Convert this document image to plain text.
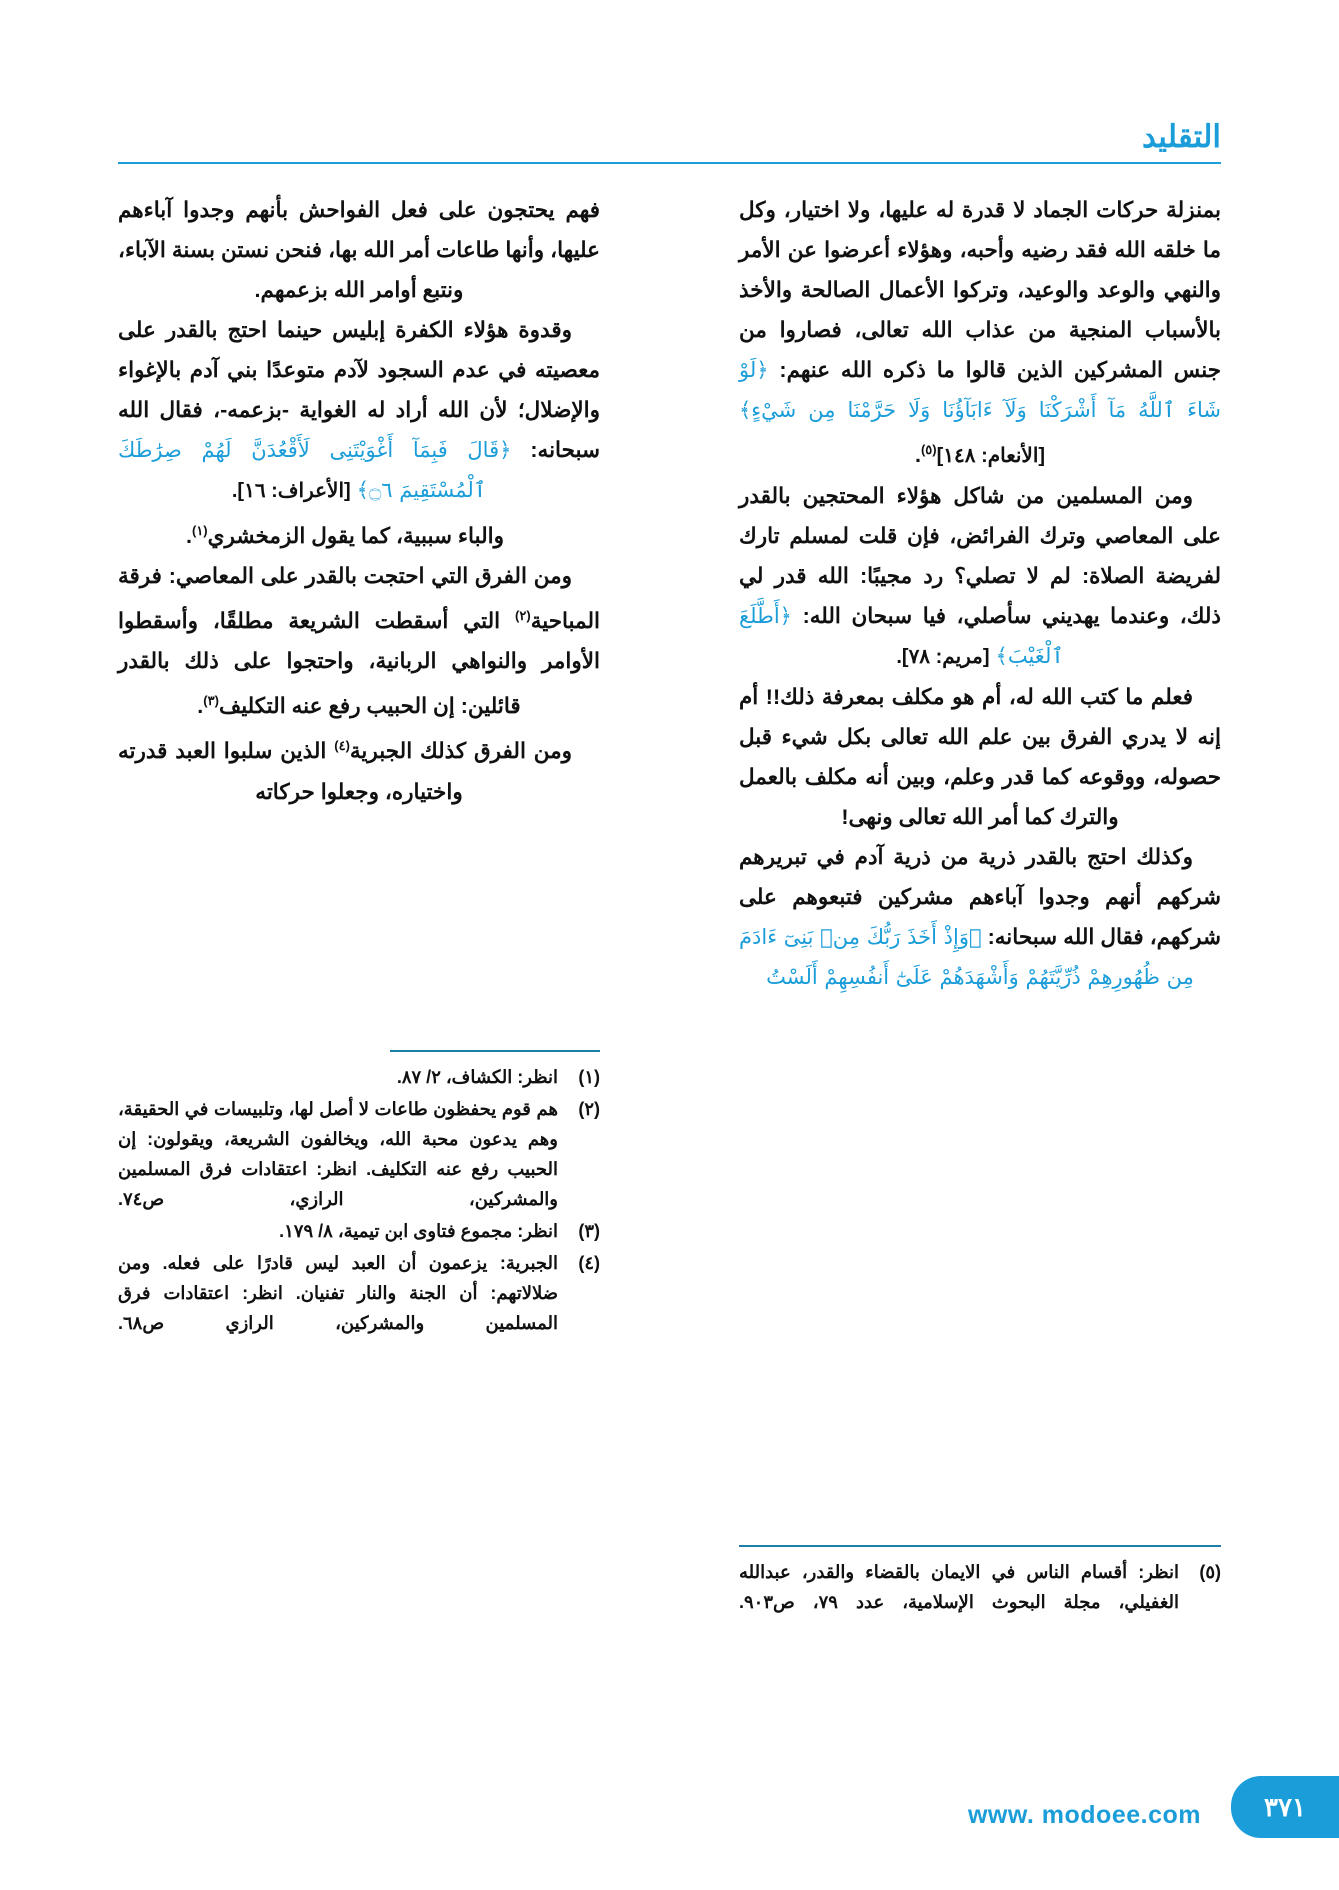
التقليد

بمنزلة حركات الجماد لا قدرة له عليها، ولا اختيار، وكل ما خلقه الله فقد رضيه وأحبه، وهؤلاء أعرضوا عن الأمر والنهي والوعد والوعيد، وتركوا الأعمال الصالحة والأخذ بالأسباب المنجية من عذاب الله تعالى، فصاروا من جنس المشركين الذين قالوا ما ذكره الله عنهم: ﴿لَوْ شَاءَ ٱللَّهُ مَآ أَشْرَكْنَا وَلَآ ءَابَآؤُنَا وَلَا حَرَّمْنَا مِن شَيْءٍ﴾ [الأنعام: ١٤٨]$^{(٥)}$.

ومن المسلمين من شاكل هؤلاء المحتجين بالقدر على المعاصي وترك الفرائض، فإن قلت لمسلم تارك لفريضة الصلاة: لم لا تصلي؟ رد مجيبًا: الله قدر لي ذلك، وعندما يهديني سأصلي، فيا سبحان الله: ﴿أَطَّلَعَ ٱلْغَيْبَ﴾ [مريم: ٧٨].

فعلم ما كتب الله له، أم هو مكلف بمعرفة ذلك!! أم إنه لا يدري الفرق بين علم الله تعالى بكل شيء قبل حصوله، ووقوعه كما قدر وعلم، وبين أنه مكلف بالعمل والترك كما أمر الله تعالى ونهى!

وكذلك احتج بالقدر ذرية من ذرية آدم في تبريرهم شركهم أنهم وجدوا آباءهم مشركين فتبعوهم على شركهم، فقال الله سبحانه: ﴿وَإِذْ أَخَذَ رَبُّكَ مِنۢ بَنِىٓ ءَادَمَ مِن ظُهُورِهِمْ ذُرِّيَّتَهُمْ وَأَشْهَدَهُمْ عَلَىٰٓ أَنفُسِهِمْ أَلَسْتُ

(٥)
انظر: أقسام الناس في الايمان بالقضاء والقدر، عبدالله الغفيلي، مجلة البحوث الإسلامية، عدد ٧٩، ص٩٠٣.

فهم يحتجون على فعل الفواحش بأنهم وجدوا آباءهم عليها، وأنها طاعات أمر الله بها، فنحن نستن بسنة الآباء، ونتبع أوامر الله بزعمهم.

وقدوة هؤلاء الكفرة إبليس حينما احتج بالقدر على معصيته في عدم السجود لآدم متوعدًا بني آدم بالإغواء والإضلال؛ لأن الله أراد له الغواية -بزعمه-، فقال الله سبحانه: ﴿قَالَ فَبِمَآ أَغْوَيْتَنِى لَأَقْعُدَنَّ لَهُمْ صِرَٰطَكَ ٱلْمُسْتَقِيمَ ۝٦﴾ [الأعراف: ١٦].

والباء سببية، كما يقول الزمخشري$^{(١)}$.

ومن الفرق التي احتجت بالقدر على المعاصي: فرقة المباحية$^{(٢)}$ التي أسقطت الشريعة مطلقًا، وأسقطوا الأوامر والنواهي الربانية، واحتجوا على ذلك بالقدر قائلين: إن الحبيب رفع عنه التكليف$^{(٣)}$.

ومن الفرق كذلك الجبرية$^{(٤)}$ الذين سلبوا العبد قدرته واختياره، وجعلوا حركاته

(١)
انظر: الكشاف، ٢/ ٨٧.
(٢)
هم قوم يحفظون طاعات لا أصل لها، وتلبيسات في الحقيقة، وهم يدعون محبة الله، ويخالفون الشريعة، ويقولون: إن الحبيب رفع عنه التكليف. انظر: اعتقادات فرق المسلمين والمشركين، الرازي، ص٧٤.
(٣)
انظر: مجموع فتاوى ابن تيمية، ٨/ ١٧٩.
(٤)
الجبرية: يزعمون أن العبد ليس قادرًا على فعله. ومن ضلالاتهم: أن الجنة والنار تفنيان. انظر: اعتقادات فرق المسلمين والمشركين، الرازي ص٦٨.
٣٧١
www. modoee.com
